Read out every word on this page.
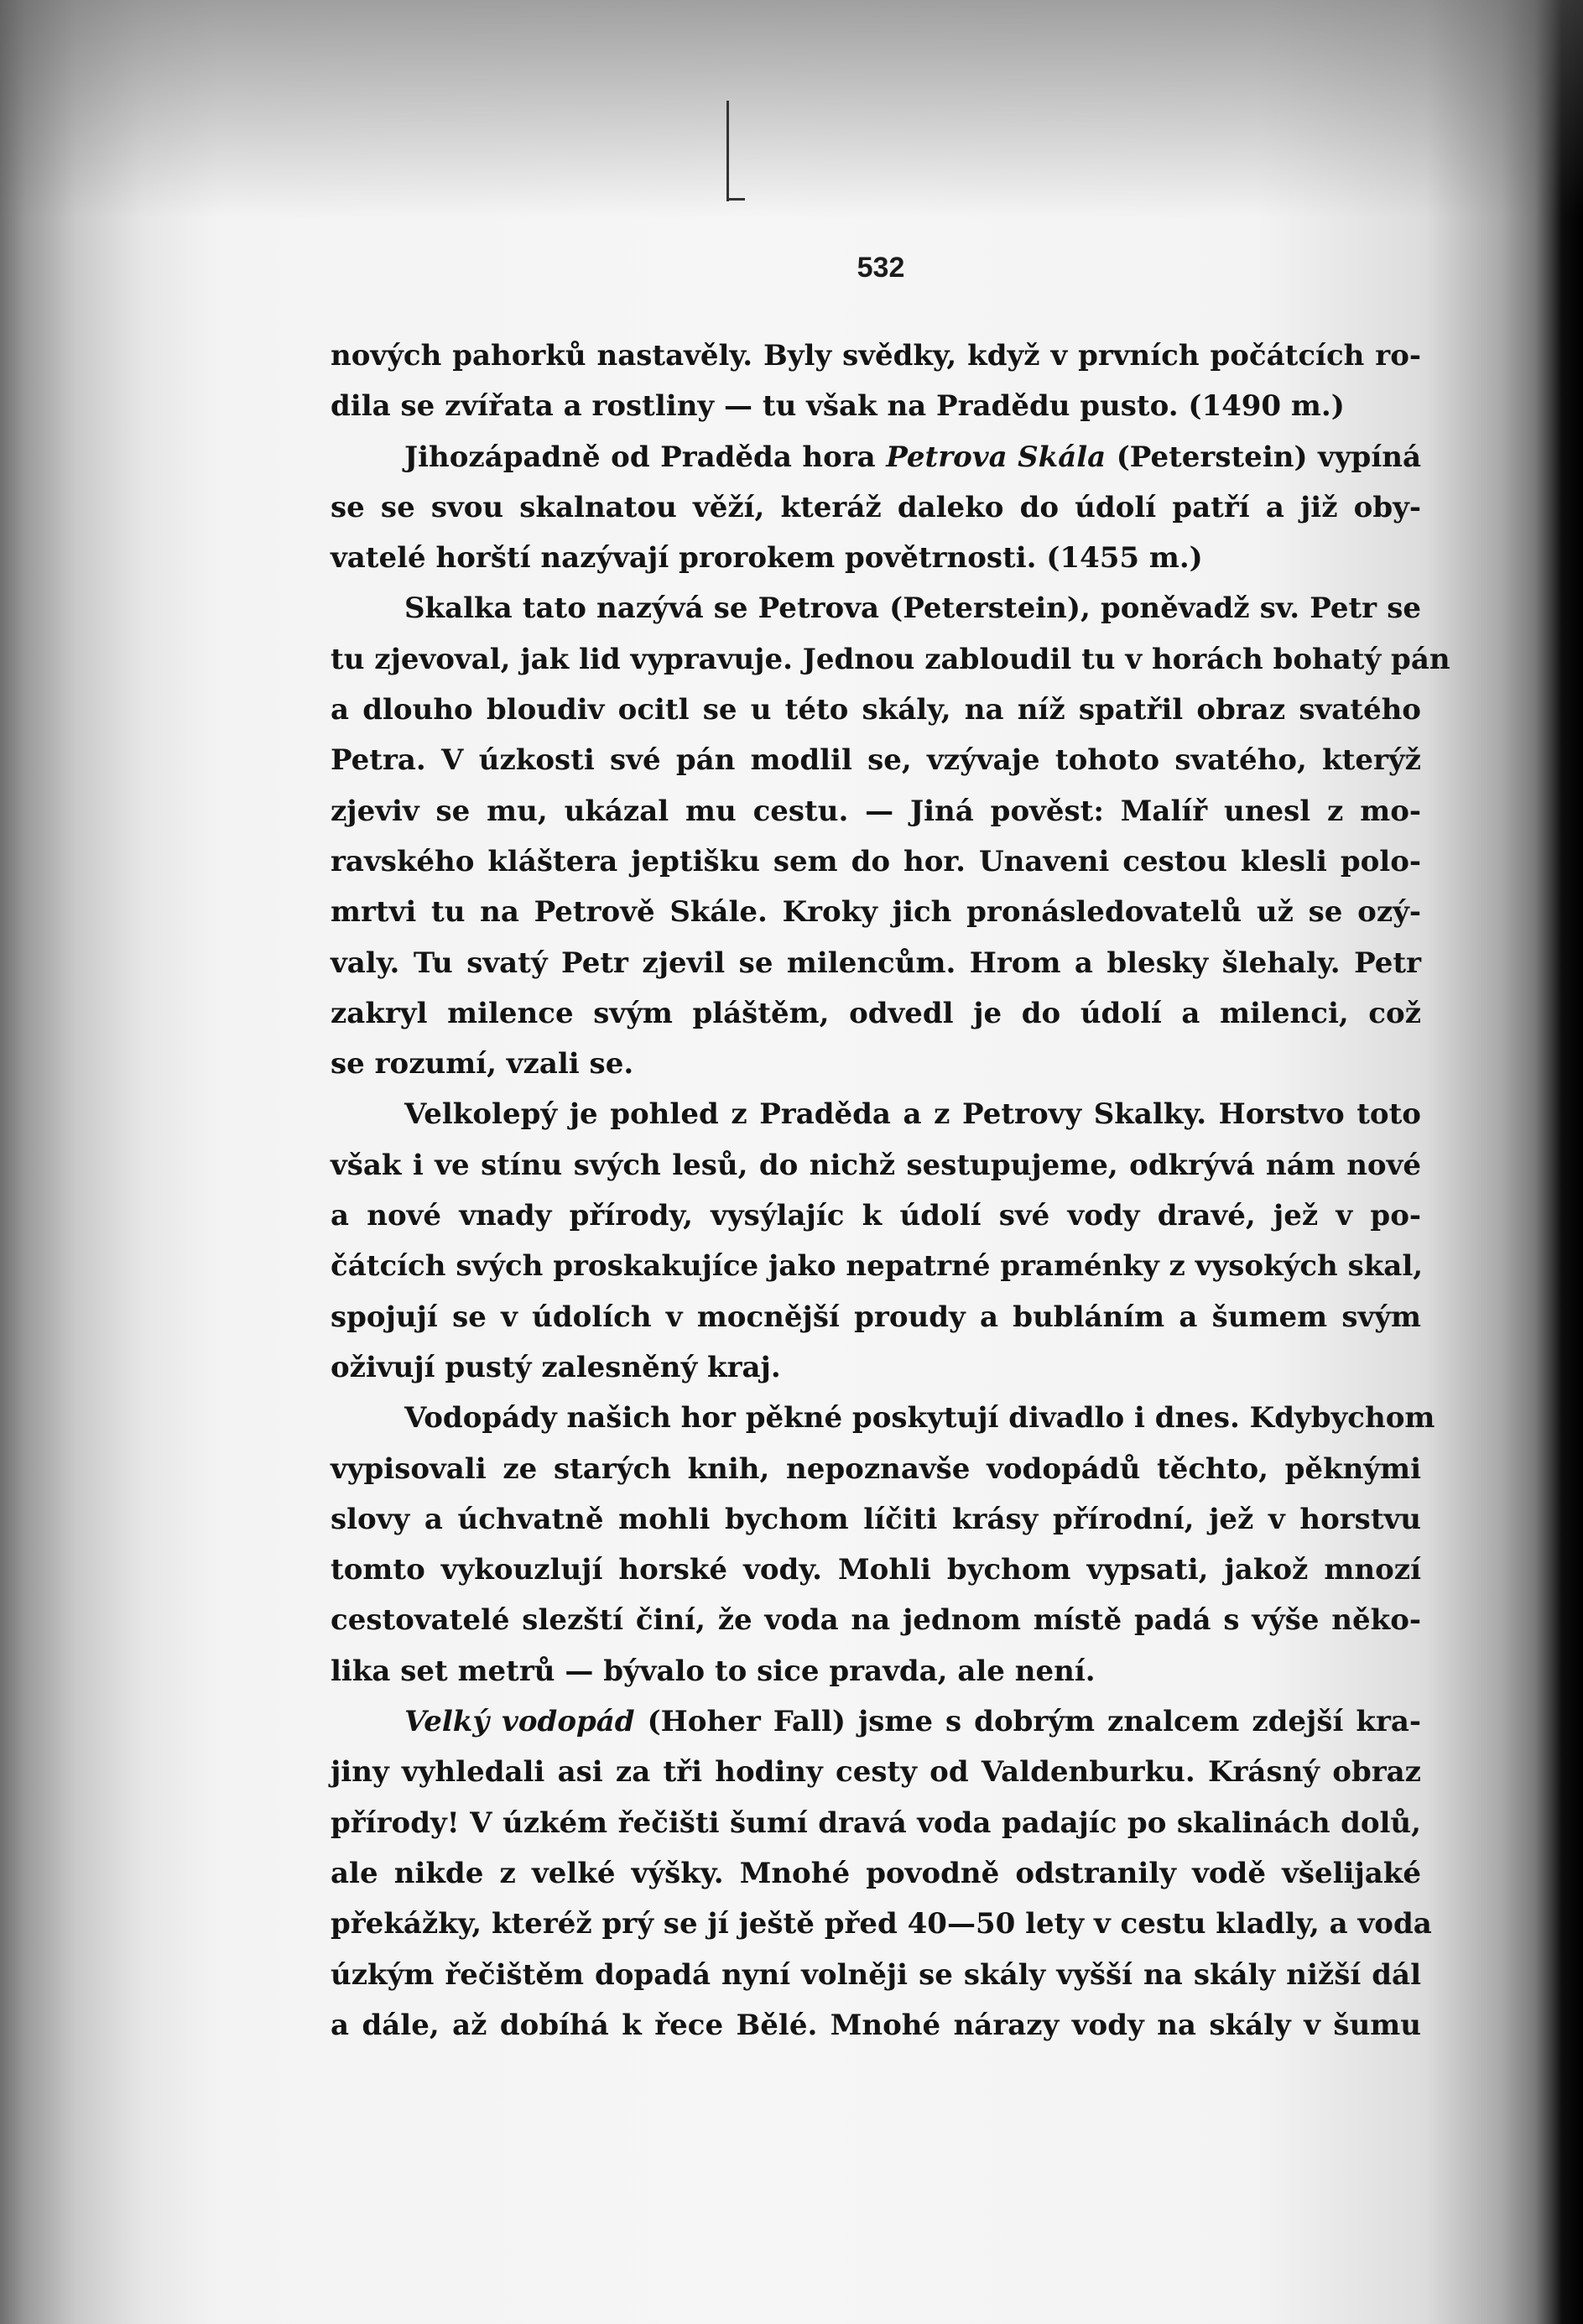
532
nových pahorků nastavěly. Byly svědky, když v prvních počátcích ro-
dila se zvířata a rostliny — tu však na Pradědu pusto. (1490 m.)
Jihozápadně od Praděda hora Petrova Skála (Peterstein) vypíná
se se svou skalnatou věží, kteráž daleko do údolí patří a již oby-
vatelé horští nazývají prorokem povětrnosti. (1455 m.)
Skalka tato nazývá se Petrova (Peterstein), poněvadž sv. Petr se
tu zjevoval, jak lid vypravuje. Jednou zabloudil tu v horách bohatý pán
a dlouho bloudiv ocitl se u této skály, na níž spatřil obraz svatého
Petra. V úzkosti své pán modlil se, vzývaje tohoto svatého, kterýž
zjeviv se mu, ukázal mu cestu. — Jiná pověst: Malíř unesl z mo-
ravského kláštera jeptišku sem do hor. Unaveni cestou klesli polo-
mrtvi tu na Petrově Skále. Kroky jich pronásledovatelů už se ozý-
valy. Tu svatý Petr zjevil se milencům. Hrom a blesky šlehaly. Petr
zakryl milence svým pláštěm, odvedl je do údolí a milenci, což
se rozumí, vzali se.
Velkolepý je pohled z Praděda a z Petrovy Skalky. Horstvo toto
však i ve stínu svých lesů, do nichž sestupujeme, odkrývá nám nové
a nové vnady přírody, vysýlajíc k údolí své vody dravé, jež v po-
čátcích svých proskakujíce jako nepatrné praménky z vysokých skal,
spojují se v údolích v mocnější proudy a bubláním a šumem svým
oživují pustý zalesněný kraj.
Vodopády našich hor pěkné poskytují divadlo i dnes. Kdybychom
vypisovali ze starých knih, nepoznavše vodopádů těchto, pěknými
slovy a úchvatně mohli bychom líčiti krásy přírodní, jež v horstvu
tomto vykouzlují horské vody. Mohli bychom vypsati, jakož mnozí
cestovatelé slezští činí, že voda na jednom místě padá s výše něko-
lika set metrů — bývalo to sice pravda, ale není.
Velký vodopád (Hoher Fall) jsme s dobrým znalcem zdejší kra-
jiny vyhledali asi za tři hodiny cesty od Valdenburku. Krásný obraz
přírody! V úzkém řečišti šumí dravá voda padajíc po skalinách dolů,
ale nikde z velké výšky. Mnohé povodně odstranily vodě všelijaké
překážky, kteréž prý se jí ještě před 40—50 lety v cestu kladly, a voda
úzkým řečištěm dopadá nyní volněji se skály vyšší na skály nižší dál
a dále, až dobíhá k řece Bělé. Mnohé nárazy vody na skály v šumu
